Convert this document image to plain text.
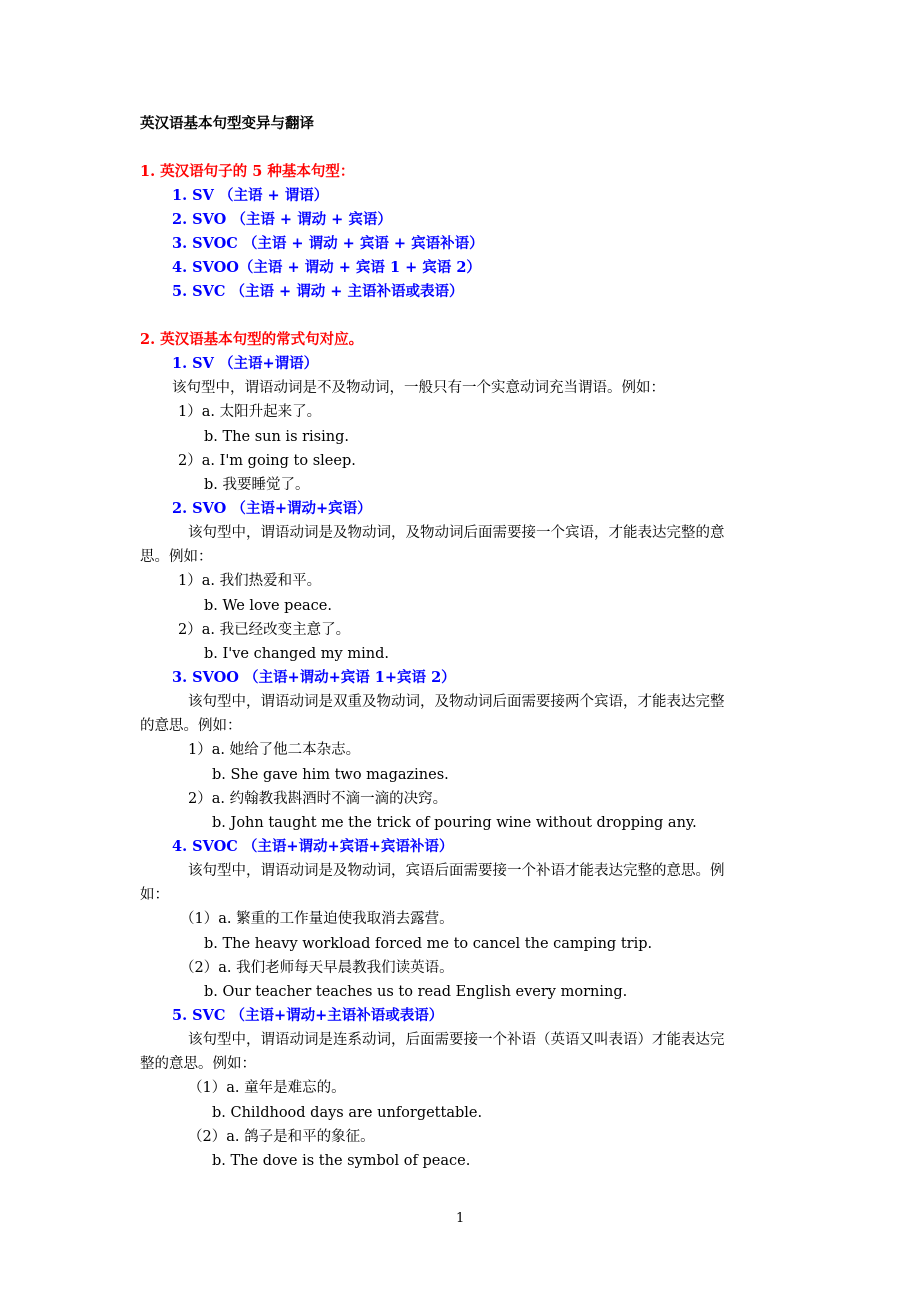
英汉语基本句型变异与翻译
1. 英汉语句子的 5 种基本句型：
1. SV （主语 + 谓语）
2. SVO （主语 + 谓动 + 宾语）
3. SVOC （主语 + 谓动 + 宾语 + 宾语补语）
4. SVOO（主语 + 谓动 + 宾语 1 + 宾语 2）
5. SVC （主语 + 谓动 + 主语补语或表语）
2. 英汉语基本句型的常式句对应。
1. SV （主语+谓语）
该句型中，谓语动词是不及物动词，一般只有一个实意动词充当谓语。例如：
1）a. 太阳升起来了。
b. The sun is rising.
2）a. I'm going to sleep.
b. 我要睡觉了。
2. SVO （主语+谓动+宾语）
该句型中，谓语动词是及物动词，及物动词后面需要接一个宾语，才能表达完整的意
思。例如：
1）a. 我们热爱和平。
b. We love peace.
2）a. 我已经改变主意了。
b. I've changed my mind.
3. SVOO （主语+谓动+宾语 1+宾语 2）
该句型中，谓语动词是双重及物动词，及物动词后面需要接两个宾语，才能表达完整
的意思。例如：
1）a. 她给了他二本杂志。
b. She gave him two magazines.
2）a. 约翰教我斟酒时不滴一滴的决窍。
b. John taught me the trick of pouring wine without dropping any.
4. SVOC （主语+谓动+宾语+宾语补语）
该句型中，谓语动词是及物动词，宾语后面需要接一个补语才能表达完整的意思。例
如：
（1）a. 繁重的工作量迫使我取消去露营。
b. The heavy workload forced me to cancel the camping trip.
（2）a. 我们老师每天早晨教我们读英语。
b. Our teacher teaches us to read English every morning.
5. SVC （主语+谓动+主语补语或表语）
该句型中，谓语动词是连系动词，后面需要接一个补语（英语又叫表语）才能表达完
整的意思。例如：
（1）a. 童年是难忘的。
b. Childhood days are unforgettable.
（2）a. 鸽子是和平的象征。
b. The dove is the symbol of peace.
1
